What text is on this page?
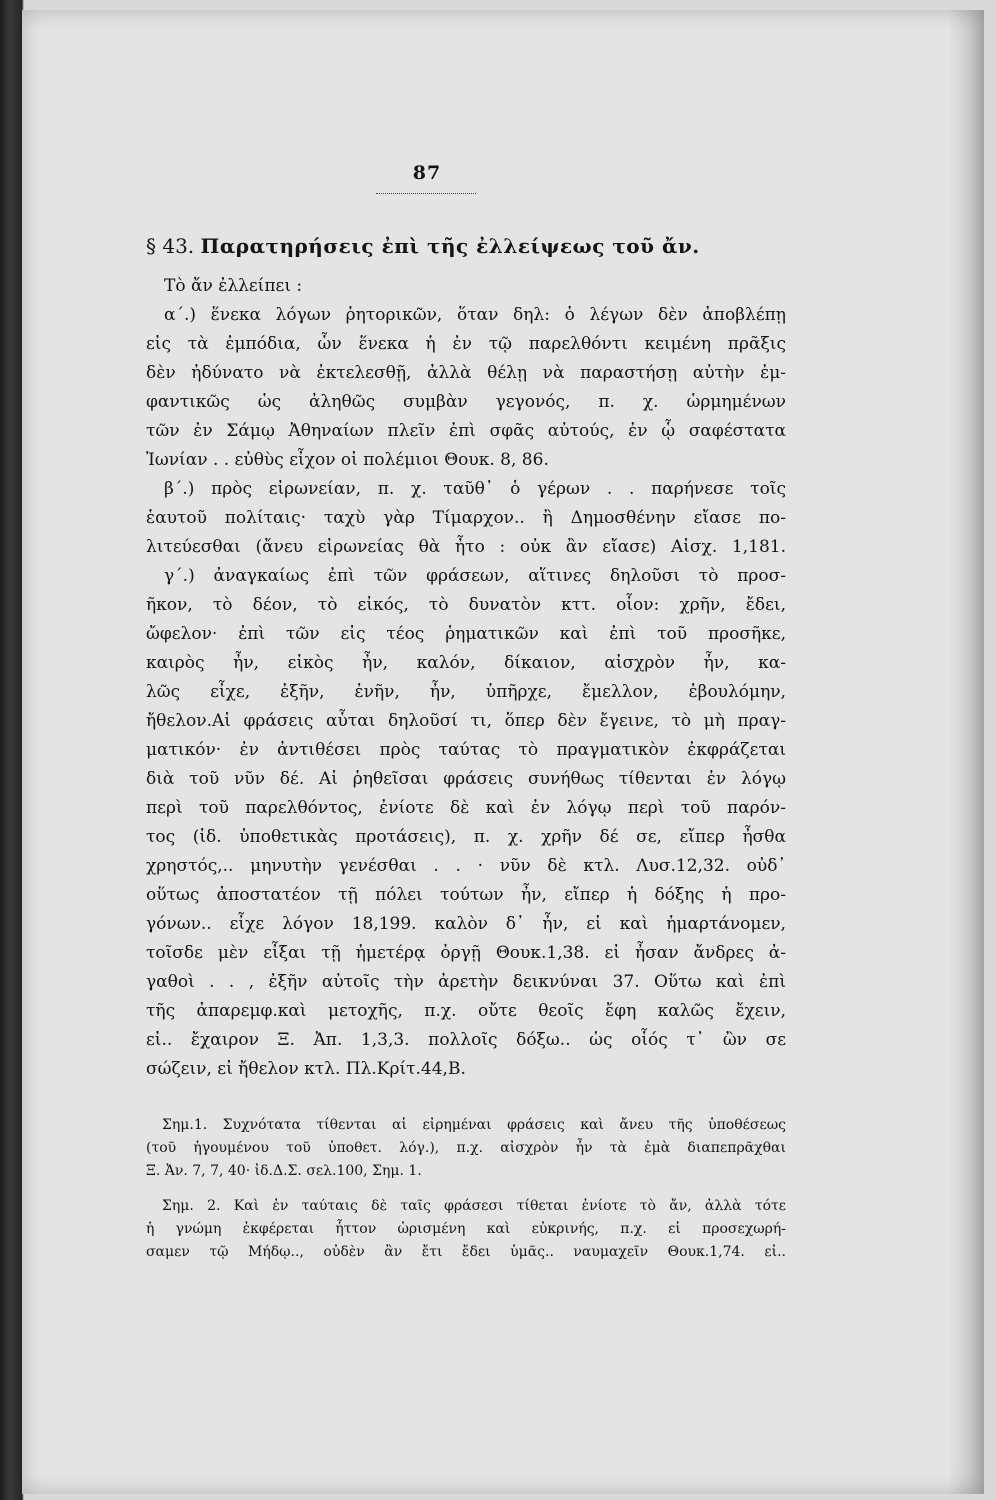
87
§ 43. Παρατηρήσεις ἐπὶ τῆς ἐλλείψεως τοῦ ἄν.
Τὸ ἄν ἐλλείπει :
α΄.) ἕνεκα λόγων ῥητορικῶν, ὅταν δηλ: ὁ λέγων δὲν ἀποβλέπῃ
εἰς τὰ ἐμπόδια, ὧν ἕνεκα ἡ ἐν τῷ παρελθόντι κειμένη πρᾶξις
δὲν ἠδύνατο νὰ ἐκτελεσθῇ, ἀλλὰ θέλῃ νὰ παραστήσῃ αὐτὴν ἐμ-
φαντικῶς ὡς ἀληθῶς συμβὰν γεγονός, π. χ. ὡρμημένων
τῶν ἐν Σάμῳ Ἀθηναίων πλεῖν ἐπὶ σφᾶς αὐτούς, ἐν ᾧ σαφέστατα
Ἰωνίαν . . εὐθὺς εἶχον οἱ πολέμιοι Θουκ. 8, 86.
β΄.) πρὸς εἰρωνείαν, π. χ. ταῦθ᾽ ὁ γέρων . . παρήνεσε τοῖς
ἑαυτοῦ πολίταις· ταχὺ γὰρ Τίμαρχον.. ἢ Δημοσθένην εἴασε πο-
λιτεύεσθαι (ἄνευ εἰρωνείας θὰ ἦτο : οὐκ ἂν εἴασε) Αἰσχ. 1,181.
γ΄.) ἀναγκαίως ἐπὶ τῶν φράσεων, αἵτινες δηλοῦσι τὸ προσ-
ῆκον, τὸ δέον, τὸ εἰκός, τὸ δυνατὸν κττ. οἷον: χρῆν, ἔδει,
ὤφελον· ἐπὶ τῶν εἰς τέος ῥηματικῶν καὶ ἐπὶ τοῦ προσῆκε,
καιρὸς ἦν, εἰκὸς ἦν, καλόν, δίκαιον, αἰσχρὸν ἦν, κα-
λῶς εἶχε, ἐξῆν, ἐνῆν, ἦν, ὑπῆρχε, ἔμελλον, ἐβουλόμην,
ἤθελον.Αἱ φράσεις αὗται δηλοῦσί τι, ὅπερ δὲν ἔγεινε, τὸ μὴ πραγ-
ματικόν· ἐν ἀντιθέσει πρὸς ταύτας τὸ πραγματικὸν ἐκφράζεται
διὰ τοῦ νῦν δέ. Αἱ ῥηθεῖσαι φράσεις συνήθως τίθενται ἐν λόγῳ
περὶ τοῦ παρελθόντος, ἐνίοτε δὲ καὶ ἐν λόγῳ περὶ τοῦ παρόν-
τος (ἰδ. ὑποθετικὰς προτάσεις), π. χ. χρῆν δέ σε, εἴπερ ἦσθα
χρηστός,.. μηνυτὴν γενέσθαι . . · νῦν δὲ κτλ. Λυσ.12,32. οὐδ᾽
οὕτως ἀποστατέον τῇ πόλει τούτων ἦν, εἴπερ ἡ δόξης ἡ προ-
γόνων.. εἶχε λόγον 18,199. καλὸν δ᾽ ἦν, εἰ καὶ ἡμαρτάνομεν,
τοῖσδε μὲν εἶξαι τῇ ἡμετέρᾳ ὀργῇ Θουκ.1,38. εἰ ἦσαν ἄνδρες ἀ-
γαθοὶ . . , ἐξῆν αὐτοῖς τὴν ἀρετὴν δεικνύναι 37. Οὕτω καὶ ἐπὶ
τῆς ἀπαρεμφ.καὶ μετοχῆς, π.χ. οὔτε θεοῖς ἔφη καλῶς ἔχειν,
εἰ.. ἔχαιρον Ξ. Ἀπ. 1,3,3. πολλοῖς δόξω.. ὡς οἷός τ᾽ ὢν σε
σώζειν, εἰ ἤθελον κτλ. Πλ.Κρίτ.44,Β.
Σημ.1. Συχνότατα τίθενται αἱ εἰρημέναι φράσεις καὶ ἄνευ τῆς ὑποθέσεως
(τοῦ ἡγουμένου τοῦ ὑποθετ. λόγ.), π.χ. αἰσχρὸν ἦν τὰ ἐμὰ διαπεπρᾶχθαι
Ξ. Ἀν. 7, 7, 40· ἰδ.Δ.Σ. σελ.100, Σημ. 1.
Σημ. 2. Καὶ ἐν ταύταις δὲ ταῖς φράσεσι τίθεται ἐνίοτε τὸ ἄν, ἀλλὰ τότε
ἡ γνώμη ἐκφέρεται ἧττον ὡρισμένη καὶ εὐκρινής, π.χ. εἰ προσεχωρή-
σαμεν τῷ Μήδῳ.., οὐδὲν ἂν ἔτι ἔδει ὑμᾶς.. ναυμαχεῖν Θουκ.1,74. εἰ..
